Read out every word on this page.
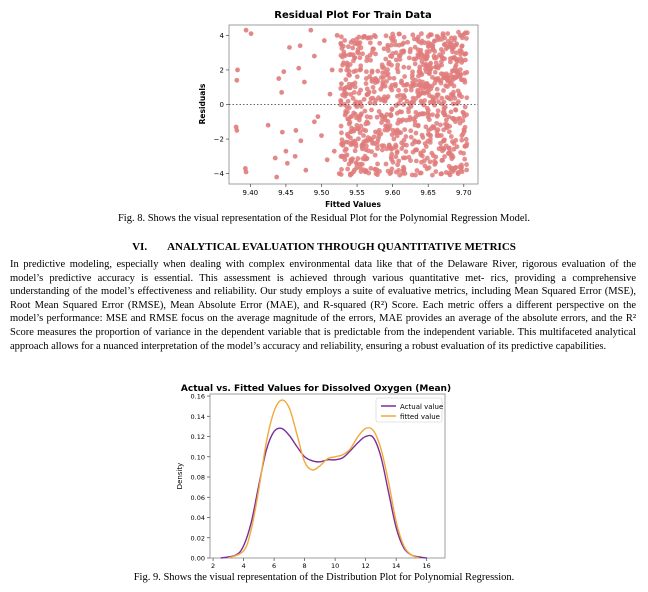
Residual Plot For Train Data
4
2
0
−2
−4
9.40	9.45	9.50	9.55	9.60	9.65	9.70
Fitted Values
Residuals
Fig. 8. Shows the visual representation of the Residual Plot for the Polynomial Regression Model.
VI. ANALYTICAL EVALUATION THROUGH QUANTITATIVE METRICS
In predictive modeling, especially when dealing with complex environmental data like that of the Delaware River, rigorous evaluation of the model’s predictive accuracy is essential. This assessment is achieved through various quantitative met- rics, providing a comprehensive understanding of the model’s effectiveness and reliability. Our study employs a suite of evaluative metrics, including Mean Squared Error (MSE), Root Mean Squared Error (RMSE), Mean Absolute Error (MAE), and R-squared (R²) Score. Each metric offers a different perspective on the model’s performance: MSE and RMSE focus on the average magnitude of the errors, MAE provides an average of the absolute errors, and the R² Score measures the proportion of variance in the dependent variable that is predictable from the independent variable. This multifaceted analytical approach allows for a nuanced interpretation of the model’s accuracy and reliability, ensuring a robust evaluation of its predictive capabilities.
Actual vs. Fitted Values for Dissolved Oxygen (Mean)
0.00
0.02
0.04
0.06
0.08
0.10
0.12
0.14
0.16
2	4	6	8	10	12	14	16
Actual value
fitted value
Density
Fig. 9. Shows the visual representation of the Distribution Plot for Polynomial Regression.
